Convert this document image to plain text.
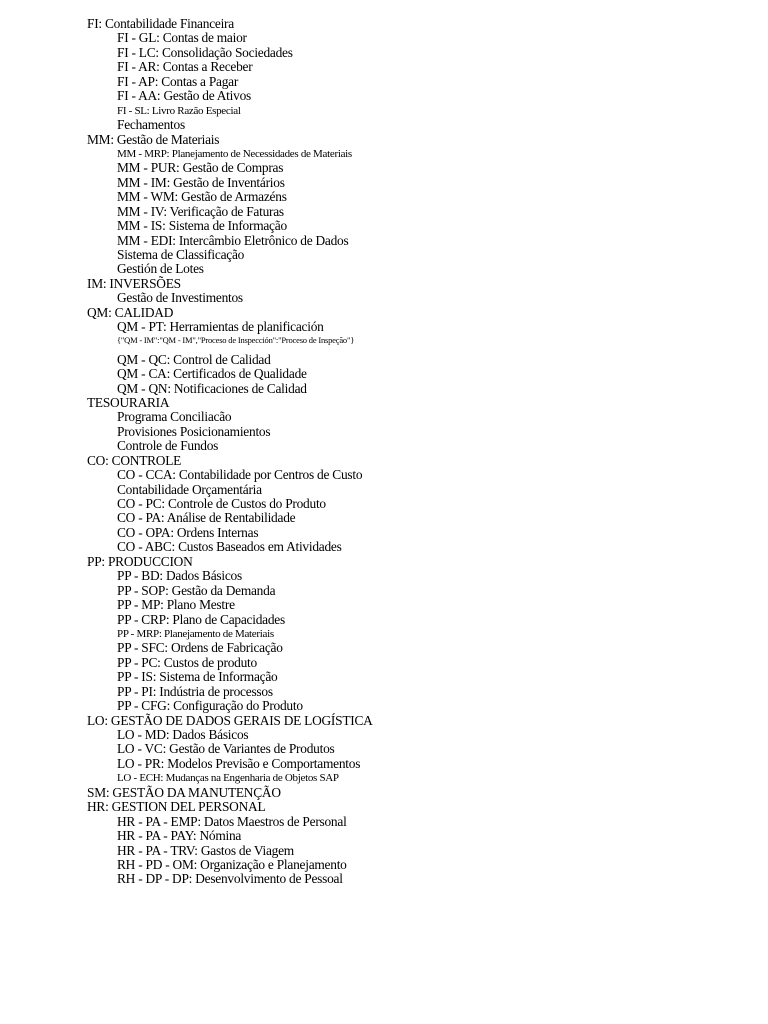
FI: Contabilidade Financeira
FI - GL: Contas de maior
FI - LC: Consolidação Sociedades
FI - AR: Contas a Receber
FI - AP: Contas a Pagar
FI - AA: Gestão de Ativos
FI - SL: Livro Razão Especial
Fechamentos
MM: Gestão de Materiais
MM - MRP: Planejamento de Necessidades de Materiais
MM - PUR: Gestão de Compras
MM - IM: Gestão de Inventários
MM - WM: Gestão de Armazéns
MM - IV: Verificação de Faturas
MM - IS: Sistema de Informação
MM - EDI: Intercâmbio Eletrônico de Dados
Sistema de Classificação
Gestión de Lotes
IM: INVERSÕES
Gestão de Investimentos
QM: CALIDAD
QM - PT: Herramientas de planificación
{"QM - IM":"QM - IM","Proceso de Inspección":"Proceso de Inspeção"}
QM - QC: Control de Calidad
QM - CA: Certificados de Qualidade
QM - QN: Notificaciones de Calidad
TESOURARIA
Programa Conciliacão
Provisiones Posicionamientos
Controle de Fundos
CO: CONTROLE
CO - CCA: Contabilidade por Centros de Custo
Contabilidade Orçamentária
CO - PC: Controle de Custos do Produto
CO - PA: Análise de Rentabilidade
CO - OPA: Ordens Internas
CO - ABC: Custos Baseados em Atividades
PP: PRODUCCION
PP - BD: Dados Básicos
PP - SOP: Gestão da Demanda
PP - MP: Plano Mestre
PP - CRP: Plano de Capacidades
PP - MRP: Planejamento de Materiais
PP - SFC: Ordens de Fabricação
PP - PC: Custos de produto
PP - IS: Sistema de Informação
PP - PI: Indústria de processos
PP - CFG: Configuração do Produto
LO: GESTÃO DE DADOS GERAIS DE LOGÍSTICA
LO - MD: Dados Básicos
LO - VC: Gestão de Variantes de Produtos
LO - PR: Modelos Previsão e Comportamentos
LO - ECH: Mudanças na Engenharia de Objetos SAP
SM: GESTÃO DA MANUTENÇÃO
HR: GESTION DEL PERSONAL
HR - PA - EMP: Datos Maestros de Personal
HR - PA - PAY: Nómina
HR - PA - TRV: Gastos de Viagem
RH - PD - OM: Organização e Planejamento
RH - DP - DP: Desenvolvimento de Pessoal
